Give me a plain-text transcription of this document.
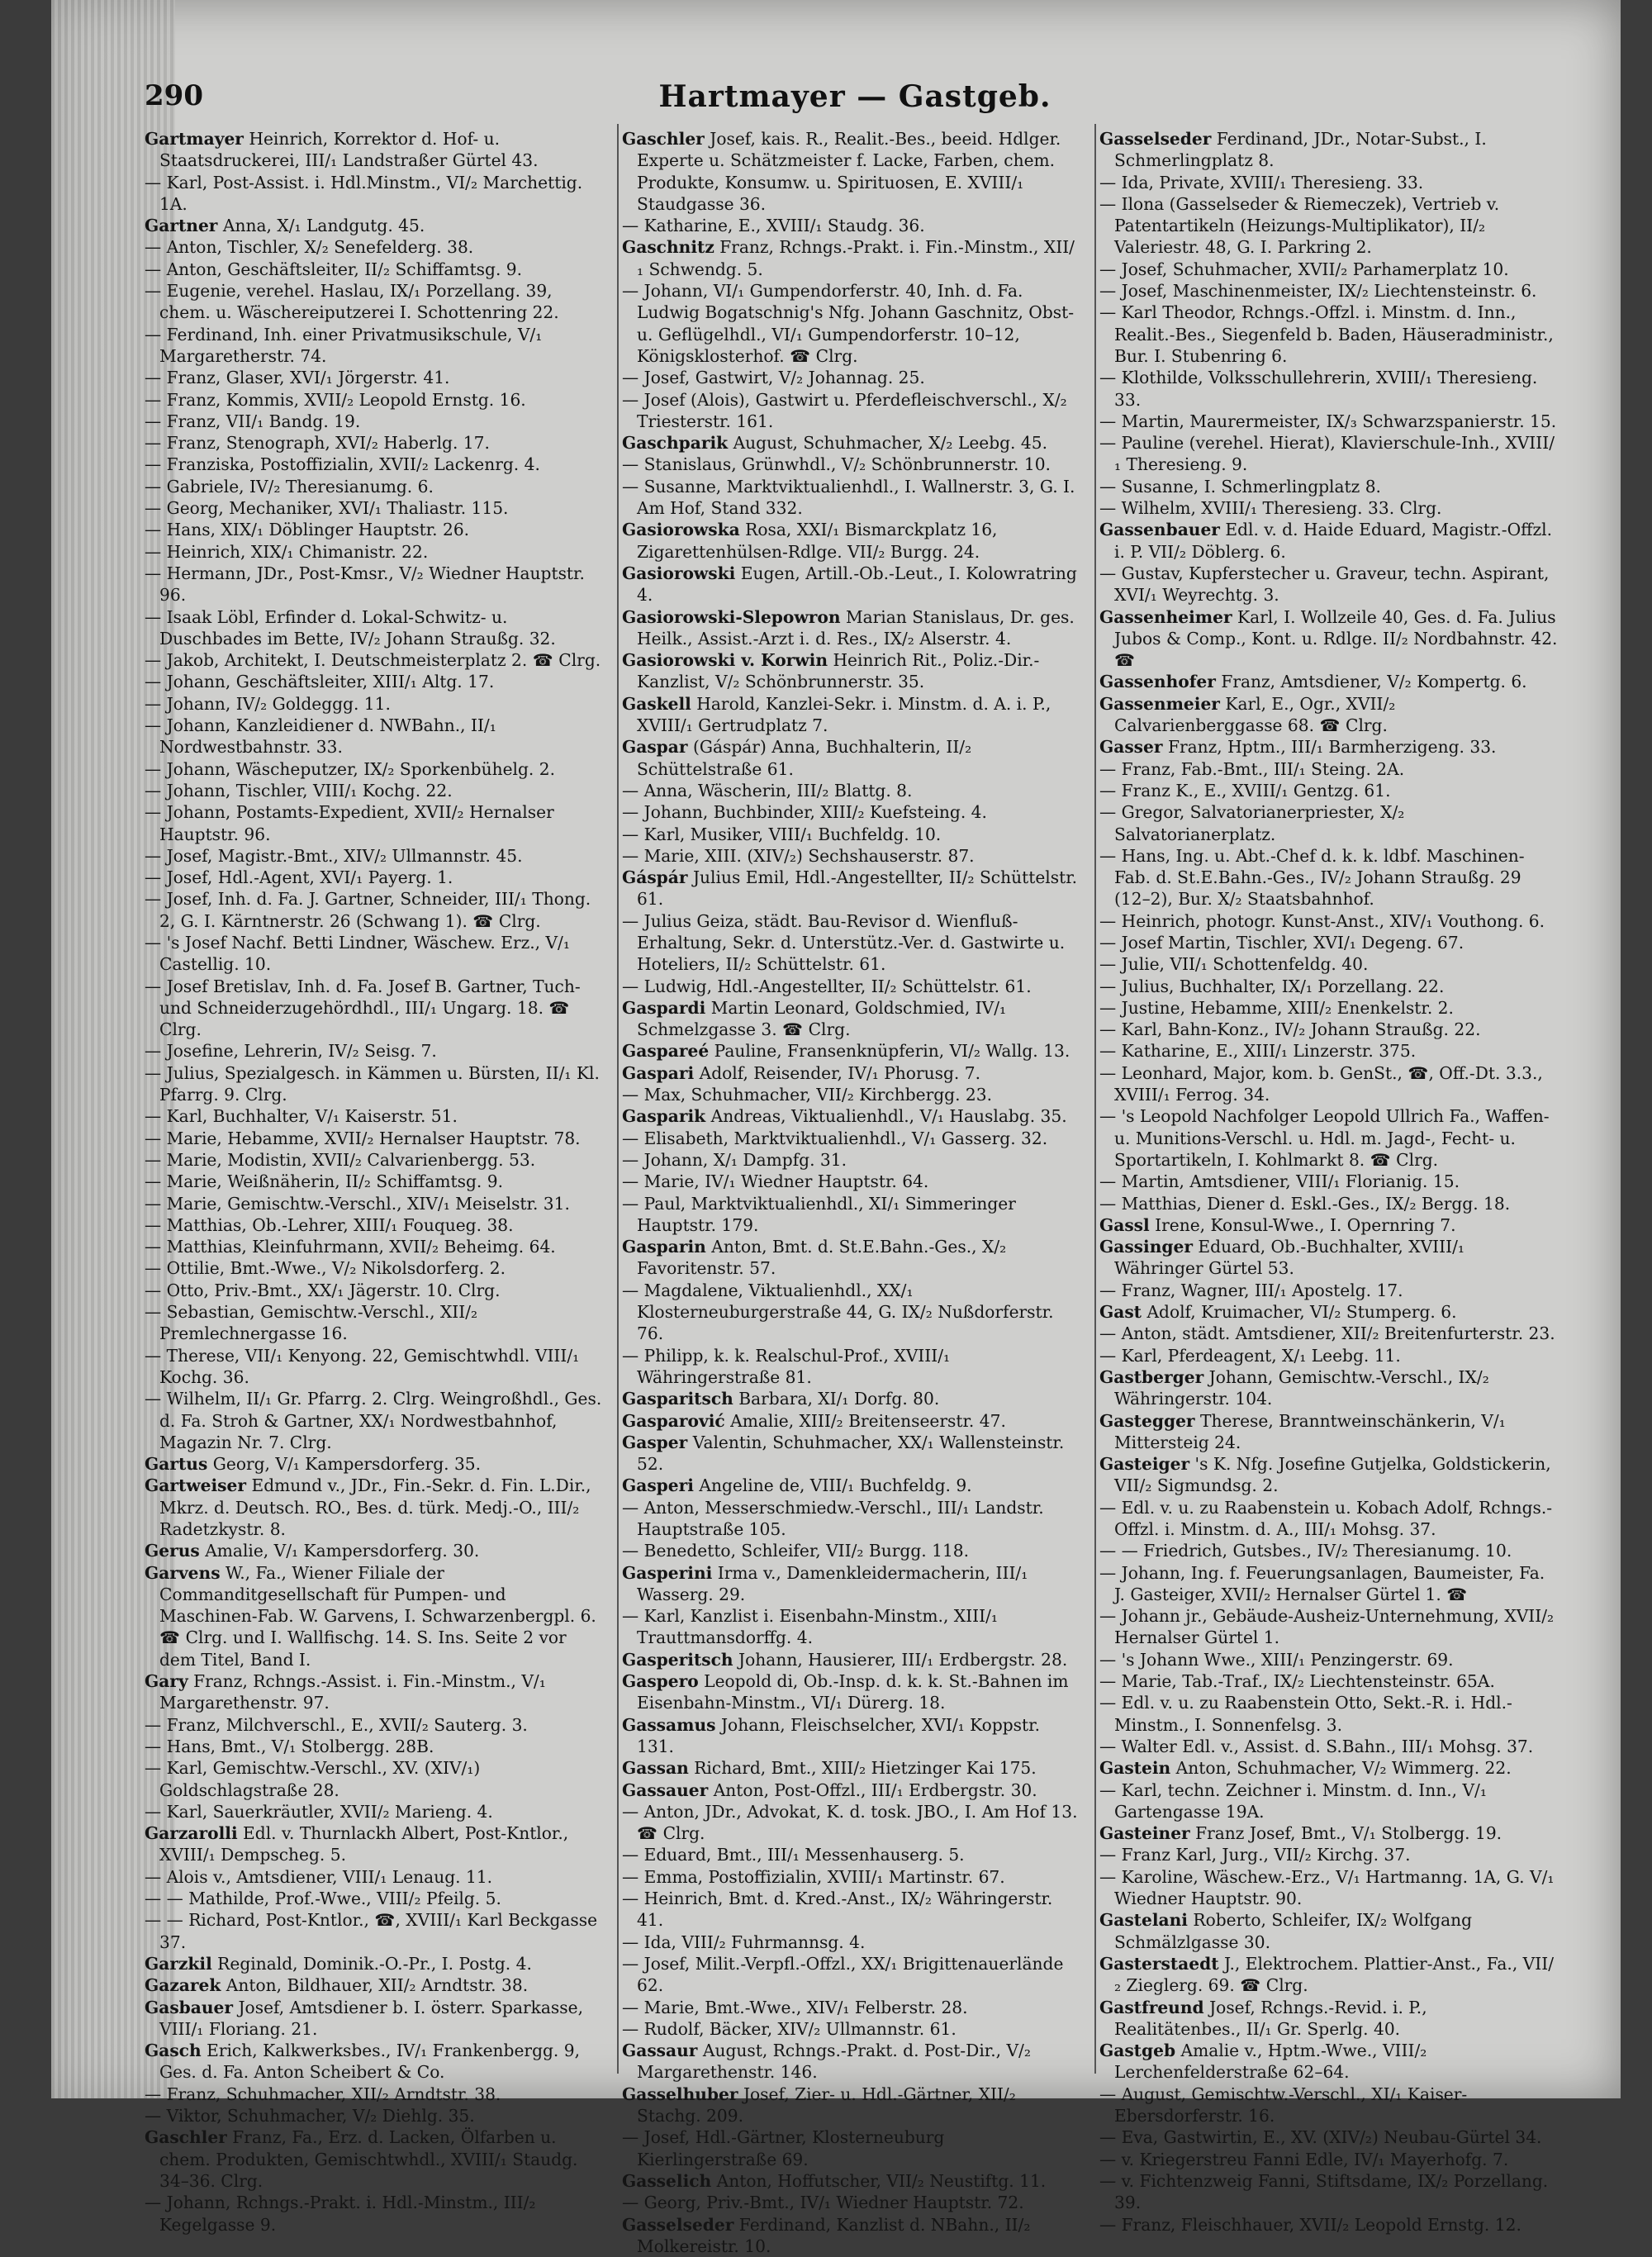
290	Hartmayer — Gastgeb.

Gartmayer Heinrich, Korrektor d. Hof- u. Staatsdruckerei, III/₁ Landstraßer Gürtel 43.

— Karl, Post-Assist. i. Hdl.Minstm., VI/₂ Marchettig. 1A.

Gartner Anna, X/₁ Landgutg. 45.

— Anton, Tischler, X/₂ Senefelderg. 38.

— Anton, Geschäftsleiter, II/₂ Schiffamtsg. 9.

— Eugenie, verehel. Haslau, IX/₁ Porzellang. 39, chem. u. Wäschereiputzerei I. Schottenring 22.

— Ferdinand, Inh. einer Privatmusikschule, V/₁ Margaretherstr. 74.

— Franz, Glaser, XVI/₁ Jörgerstr. 41.

— Franz, Kommis, XVII/₂ Leopold Ernstg. 16.

— Franz, VII/₁ Bandg. 19.

— Franz, Stenograph, XVI/₂ Haberlg. 17.

— Franziska, Postoffizialin, XVII/₂ Lackenrg. 4.

— Gabriele, IV/₂ Theresianumg. 6.

— Georg, Mechaniker, XVI/₁ Thaliastr. 115.

— Hans, XIX/₁ Döblinger Hauptstr. 26.

— Heinrich, XIX/₁ Chimanistr. 22.

— Hermann, JDr., Post-Kmsr., V/₂ Wiedner Hauptstr. 96.

— Isaak Löbl, Erfinder d. Lokal-Schwitz- u. Duschbades im Bette, IV/₂ Johann Straußg. 32.

— Jakob, Architekt, I. Deutschmeisterplatz 2. ☎ Clrg.

— Johann, Geschäftsleiter, XIII/₁ Altg. 17.

— Johann, IV/₂ Goldeggg. 11.

— Johann, Kanzleidiener d. NWBahn., II/₁ Nordwestbahnstr. 33.

— Johann, Wäscheputzer, IX/₂ Sporkenbühelg. 2.

— Johann, Tischler, VIII/₁ Kochg. 22.

— Johann, Postamts-Expedient, XVII/₂ Hernalser Hauptstr. 96.

— Josef, Magistr.-Bmt., XIV/₂ Ullmannstr. 45.

— Josef, Hdl.-Agent, XVI/₁ Payerg. 1.

— Josef, Inh. d. Fa. J. Gartner, Schneider, III/₁ Thong. 2, G. I. Kärntnerstr. 26 (Schwang 1). ☎ Clrg.

— 's Josef Nachf. Betti Lindner, Wäschew. Erz., V/₁ Castellig. 10.

— Josef Bretislav, Inh. d. Fa. Josef B. Gartner, Tuch- und Schneiderzugehördhdl., III/₁ Ungarg. 18. ☎ Clrg.

— Josefine, Lehrerin, IV/₂ Seisg. 7.

— Julius, Spezialgesch. in Kämmen u. Bürsten, II/₁ Kl. Pfarrg. 9. Clrg.

— Karl, Buchhalter, V/₁ Kaiserstr. 51.

— Marie, Hebamme, XVII/₂ Hernalser Hauptstr. 78.

— Marie, Modistin, XVII/₂ Calvarienbergg. 53.

— Marie, Weißnäherin, II/₂ Schiffamtsg. 9.

— Marie, Gemischtw.-Verschl., XIV/₁ Meiselstr. 31.

— Matthias, Ob.-Lehrer, XIII/₁ Fouqueg. 38.

— Matthias, Kleinfuhrmann, XVII/₂ Beheimg. 64.

— Ottilie, Bmt.-Wwe., V/₂ Nikolsdorferg. 2.

— Otto, Priv.-Bmt., XX/₁ Jägerstr. 10. Clrg.

— Sebastian, Gemischtw.-Verschl., XII/₂ Premlechnergasse 16.

— Therese, VII/₁ Kenyong. 22, Gemischtwhdl. VIII/₁ Kochg. 36.

— Wilhelm, II/₁ Gr. Pfarrg. 2. Clrg. Weingroßhdl., Ges. d. Fa. Stroh & Gartner, XX/₁ Nordwestbahnhof, Magazin Nr. 7. Clrg.

Gartus Georg, V/₁ Kampersdorferg. 35.

Gartweiser Edmund v., JDr., Fin.-Sekr. d. Fin. L.Dir., Mkrz. d. Deutsch. RO., Bes. d. türk. Medj.-O., III/₂ Radetzkystr. 8.

Gerus Amalie, V/₁ Kampersdorferg. 30.

Garvens W., Fa., Wiener Filiale der Commanditgesellschaft für Pumpen- und Maschinen-Fab. W. Garvens, I. Schwarzenbergpl. 6. ☎ Clrg. und I. Wallfischg. 14. S. Ins. Seite 2 vor dem Titel, Band I.

Gary Franz, Rchngs.-Assist. i. Fin.-Minstm., V/₁ Margarethenstr. 97.

— Franz, Milchverschl., E., XVII/₂ Sauterg. 3.

— Hans, Bmt., V/₁ Stolbergg. 28B.

— Karl, Gemischtw.-Verschl., XV. (XIV/₁) Goldschlagstraße 28.

— Karl, Sauerkräutler, XVII/₂ Marieng. 4.

Garzarolli Edl. v. Thurnlackh Albert, Post-Kntlor., XVIII/₁ Dempscheg. 5.

— Alois v., Amtsdiener, VIII/₁ Lenaug. 11.

— — Mathilde, Prof.-Wwe., VIII/₂ Pfeilg. 5.

— — Richard, Post-Kntlor., ☎, XVIII/₁ Karl Beckgasse 37.

Garzkil Reginald, Dominik.-O.-Pr., I. Postg. 4.

Gazarek Anton, Bildhauer, XII/₂ Arndtstr. 38.

Gasbauer Josef, Amtsdiener b. I. österr. Sparkasse, VIII/₁ Floriang. 21.

Gasch Erich, Kalkwerksbes., IV/₁ Frankenbergg. 9, Ges. d. Fa. Anton Scheibert & Co.

— Franz, Schuhmacher, XII/₂ Arndtstr. 38.

— Viktor, Schuhmacher, V/₂ Diehlg. 35.

Gaschler Franz, Fa., Erz. d. Lacken, Ölfarben u. chem. Produkten, Gemischtwhdl., XVIII/₁ Staudg. 34–36. Clrg.

— Johann, Rchngs.-Prakt. i. Hdl.-Minstm., III/₂ Kegelgasse 9.

Gaschler Josef, kais. R., Realit.-Bes., beeid. Hdlger. Experte u. Schätzmeister f. Lacke, Farben, chem. Produkte, Konsumw. u. Spirituosen, E. XVIII/₁ Staudgasse 36.

— Katharine, E., XVIII/₁ Staudg. 36.

Gaschnitz Franz, Rchngs.-Prakt. i. Fin.-Minstm., XII/₁ Schwendg. 5.

— Johann, VI/₁ Gumpendorferstr. 40, Inh. d. Fa. Ludwig Bogatschnig's Nfg. Johann Gaschnitz, Obst- u. Geflügelhdl., VI/₁ Gumpendorferstr. 10–12, Königsklosterhof. ☎ Clrg.

— Josef, Gastwirt, V/₂ Johannag. 25.

— Josef (Alois), Gastwirt u. Pferdefleischverschl., X/₂ Triesterstr. 161.

Gaschparik August, Schuhmacher, X/₂ Leebg. 45.

— Stanislaus, Grünwhdl., V/₂ Schönbrunnerstr. 10.

— Susanne, Marktviktualienhdl., I. Wallnerstr. 3, G. I. Am Hof, Stand 332.

Gasiorowska Rosa, XXI/₁ Bismarckplatz 16, Zigarettenhülsen-Rdlge. VII/₂ Burgg. 24.

Gasiorowski Eugen, Artill.-Ob.-Leut., I. Kolowratring 4.

Gasiorowski-Slepowron Marian Stanislaus, Dr. ges. Heilk., Assist.-Arzt i. d. Res., IX/₂ Alserstr. 4.

Gasiorowski v. Korwin Heinrich Rit., Poliz.-Dir.-Kanzlist, V/₂ Schönbrunnerstr. 35.

Gaskell Harold, Kanzlei-Sekr. i. Minstm. d. A. i. P., XVIII/₁ Gertrudplatz 7.

Gaspar (Gáspár) Anna, Buchhalterin, II/₂ Schüttelstraße 61.

— Anna, Wäscherin, III/₂ Blattg. 8.

— Johann, Buchbinder, XIII/₂ Kuefsteing. 4.

— Karl, Musiker, VIII/₁ Buchfeldg. 10.

— Marie, XIII. (XIV/₂) Sechshauserstr. 87.

Gáspár Julius Emil, Hdl.-Angestellter, II/₂ Schüttelstr. 61.

— Julius Geiza, städt. Bau-Revisor d. Wienfluß-Erhaltung, Sekr. d. Unterstütz.-Ver. d. Gastwirte u. Hoteliers, II/₂ Schüttelstr. 61.

— Ludwig, Hdl.-Angestellter, II/₂ Schüttelstr. 61.

Gaspardi Martin Leonard, Goldschmied, IV/₁ Schmelzgasse 3. ☎ Clrg.

Gaspareé Pauline, Fransenknüpferin, VI/₂ Wallg. 13.

Gaspari Adolf, Reisender, IV/₁ Phorusg. 7.

— Max, Schuhmacher, VII/₂ Kirchbergg. 23.

Gasparik Andreas, Viktualienhdl., V/₁ Hauslabg. 35.

— Elisabeth, Marktviktualienhdl., V/₁ Gasserg. 32.

— Johann, X/₁ Dampfg. 31.

— Marie, IV/₁ Wiedner Hauptstr. 64.

— Paul, Marktviktualienhdl., XI/₁ Simmeringer Hauptstr. 179.

Gasparin Anton, Bmt. d. St.E.Bahn.-Ges., X/₂ Favoritenstr. 57.

— Magdalene, Viktualienhdl., XX/₁ Klosterneuburgerstraße 44, G. IX/₂ Nußdorferstr. 76.

— Philipp, k. k. Realschul-Prof., XVIII/₁ Währingerstraße 81.

Gasparitsch Barbara, XI/₁ Dorfg. 80.

Gasparović Amalie, XIII/₂ Breitenseerstr. 47.

Gasper Valentin, Schuhmacher, XX/₁ Wallensteinstr. 52.

Gasperi Angeline de, VIII/₁ Buchfeldg. 9.

— Anton, Messerschmiedw.-Verschl., III/₁ Landstr. Hauptstraße 105.

— Benedetto, Schleifer, VII/₂ Burgg. 118.

Gasperini Irma v., Damenkleidermacherin, III/₁ Wasserg. 29.

— Karl, Kanzlist i. Eisenbahn-Minstm., XIII/₁ Trauttmansdorffg. 4.

Gasperitsch Johann, Hausierer, III/₁ Erdbergstr. 28.

Gaspero Leopold di, Ob.-Insp. d. k. k. St.-Bahnen im Eisenbahn-Minstm., VI/₁ Dürerg. 18.

Gassamus Johann, Fleischselcher, XVI/₁ Koppstr. 131.

Gassan Richard, Bmt., XIII/₂ Hietzinger Kai 175.

Gassauer Anton, Post-Offzl., III/₁ Erdbergstr. 30.

— Anton, JDr., Advokat, K. d. tosk. JBO., I. Am Hof 13. ☎ Clrg.

— Eduard, Bmt., III/₁ Messenhauserg. 5.

— Emma, Postoffizialin, XVIII/₁ Martinstr. 67.

— Heinrich, Bmt. d. Kred.-Anst., IX/₂ Währingerstr. 41.

— Ida, VIII/₂ Fuhrmannsg. 4.

— Josef, Milit.-Verpfl.-Offzl., XX/₁ Brigittenauerlände 62.

— Marie, Bmt.-Wwe., XIV/₁ Felberstr. 28.

— Rudolf, Bäcker, XIV/₂ Ullmannstr. 61.

Gassaur August, Rchngs.-Prakt. d. Post-Dir., V/₂ Margarethenstr. 146.

Gasselhuber Josef, Zier- u. Hdl.-Gärtner, XII/₂ Stachg. 209.

— Josef, Hdl.-Gärtner, Klosterneuburg Kierlingerstraße 69.

Gasselich Anton, Hoffutscher, VII/₂ Neustiftg. 11.

— Georg, Priv.-Bmt., IV/₁ Wiedner Hauptstr. 72.

Gasselseder Ferdinand, Kanzlist d. NBahn., II/₂ Molkereistr. 10.

Gasselseder Ferdinand, JDr., Notar-Subst., I. Schmerlingplatz 8.

— Ida, Private, XVIII/₁ Theresieng. 33.

— Ilona (Gasselseder & Riemeczek), Vertrieb v. Patentartikeln (Heizungs-Multiplikator), II/₂ Valeriestr. 48, G. I. Parkring 2.

— Josef, Schuhmacher, XVII/₂ Parhamerplatz 10.

— Josef, Maschinenmeister, IX/₂ Liechtensteinstr. 6.

— Karl Theodor, Rchngs.-Offzl. i. Minstm. d. Inn., Realit.-Bes., Siegenfeld b. Baden, Häuseradministr., Bur. I. Stubenring 6.

— Klothilde, Volksschullehrerin, XVIII/₁ Theresieng. 33.

— Martin, Maurermeister, IX/₃ Schwarzspanierstr. 15.

— Pauline (verehel. Hierat), Klavierschule-Inh., XVIII/₁ Theresieng. 9.

— Susanne, I. Schmerlingplatz 8.

— Wilhelm, XVIII/₁ Theresieng. 33. Clrg.

Gassenbauer Edl. v. d. Haide Eduard, Magistr.-Offzl. i. P. VII/₂ Döblerg. 6.

— Gustav, Kupferstecher u. Graveur, techn. Aspirant, XVI/₁ Weyrechtg. 3.

Gassenheimer Karl, I. Wollzeile 40, Ges. d. Fa. Julius Jubos & Comp., Kont. u. Rdlge. II/₂ Nordbahnstr. 42. ☎

Gassenhofer Franz, Amtsdiener, V/₂ Kompertg. 6.

Gassenmeier Karl, E., Ogr., XVII/₂ Calvarienberggasse 68. ☎ Clrg.

Gasser Franz, Hptm., III/₁ Barmherzigeng. 33.

— Franz, Fab.-Bmt., III/₁ Steing. 2A.

— Franz K., E., XVIII/₁ Gentzg. 61.

— Gregor, Salvatorianerpriester, X/₂ Salvatorianerplatz.

— Hans, Ing. u. Abt.-Chef d. k. k. ldbf. Maschinen-Fab. d. St.E.Bahn.-Ges., IV/₂ Johann Straußg. 29 (12–2), Bur. X/₂ Staatsbahnhof.

— Heinrich, photogr. Kunst-Anst., XIV/₁ Vouthong. 6.

— Josef Martin, Tischler, XVI/₁ Degeng. 67.

— Julie, VII/₁ Schottenfeldg. 40.

— Julius, Buchhalter, IX/₁ Porzellang. 22.

— Justine, Hebamme, XIII/₂ Enenkelstr. 2.

— Karl, Bahn-Konz., IV/₂ Johann Straußg. 22.

— Katharine, E., XIII/₁ Linzerstr. 375.

— Leonhard, Major, kom. b. GenSt., ☎, Off.-Dt. 3.3., XVIII/₁ Ferrog. 34.

— 's Leopold Nachfolger Leopold Ullrich Fa., Waffen- u. Munitions-Verschl. u. Hdl. m. Jagd-, Fecht- u. Sportartikeln, I. Kohlmarkt 8. ☎ Clrg.

— Martin, Amtsdiener, VIII/₁ Florianig. 15.

— Matthias, Diener d. Eskl.-Ges., IX/₂ Bergg. 18.

Gassl Irene, Konsul-Wwe., I. Opernring 7.

Gassinger Eduard, Ob.-Buchhalter, XVIII/₁ Währinger Gürtel 53.

— Franz, Wagner, III/₁ Apostelg. 17.

Gast Adolf, Kruimacher, VI/₂ Stumperg. 6.

— Anton, städt. Amtsdiener, XII/₂ Breitenfurterstr. 23.

— Karl, Pferdeagent, X/₁ Leebg. 11.

Gastberger Johann, Gemischtw.-Verschl., IX/₂ Währingerstr. 104.

Gastegger Therese, Branntweinschänkerin, V/₁ Mittersteig 24.

Gasteiger 's K. Nfg. Josefine Gutjelka, Goldstickerin, VII/₂ Sigmundsg. 2.

— Edl. v. u. zu Raabenstein u. Kobach Adolf, Rchngs.-Offzl. i. Minstm. d. A., III/₁ Mohsg. 37.

— — Friedrich, Gutsbes., IV/₂ Theresianumg. 10.

— Johann, Ing. f. Feuerungsanlagen, Baumeister, Fa. J. Gasteiger, XVII/₂ Hernalser Gürtel 1. ☎

— Johann jr., Gebäude-Ausheiz-Unternehmung, XVII/₂ Hernalser Gürtel 1.

— 's Johann Wwe., XIII/₁ Penzingerstr. 69.

— Marie, Tab.-Traf., IX/₂ Liechtensteinstr. 65A.

— Edl. v. u. zu Raabenstein Otto, Sekt.-R. i. Hdl.-Minstm., I. Sonnenfelsg. 3.

— Walter Edl. v., Assist. d. S.Bahn., III/₁ Mohsg. 37.

Gastein Anton, Schuhmacher, V/₂ Wimmerg. 22.

— Karl, techn. Zeichner i. Minstm. d. Inn., V/₁ Gartengasse 19A.

Gasteiner Franz Josef, Bmt., V/₁ Stolbergg. 19.

— Franz Karl, Jurg., VII/₂ Kirchg. 37.

— Karoline, Wäschew.-Erz., V/₁ Hartmanng. 1A, G. V/₁ Wiedner Hauptstr. 90.

Gastelani Roberto, Schleifer, IX/₂ Wolfgang Schmälzlgasse 30.

Gasterstaedt J., Elektrochem. Plattier-Anst., Fa., VII/₂ Zieglerg. 69. ☎ Clrg.

Gastfreund Josef, Rchngs.-Revid. i. P., Realitätenbes., II/₁ Gr. Sperlg. 40.

Gastgeb Amalie v., Hptm.-Wwe., VIII/₂ Lerchenfelderstraße 62–64.

— August, Gemischtw.-Verschl., XI/₁ Kaiser-Ebersdorferstr. 16.

— Eva, Gastwirtin, E., XV. (XIV/₂) Neubau-Gürtel 34.

— v. Kriegerstreu Fanni Edle, IV/₁ Mayerhofg. 7.

— v. Fichtenzweig Fanni, Stiftsdame, IX/₂ Porzellang. 39.

— Franz, Fleischhauer, XVII/₂ Leopold Ernstg. 12.
